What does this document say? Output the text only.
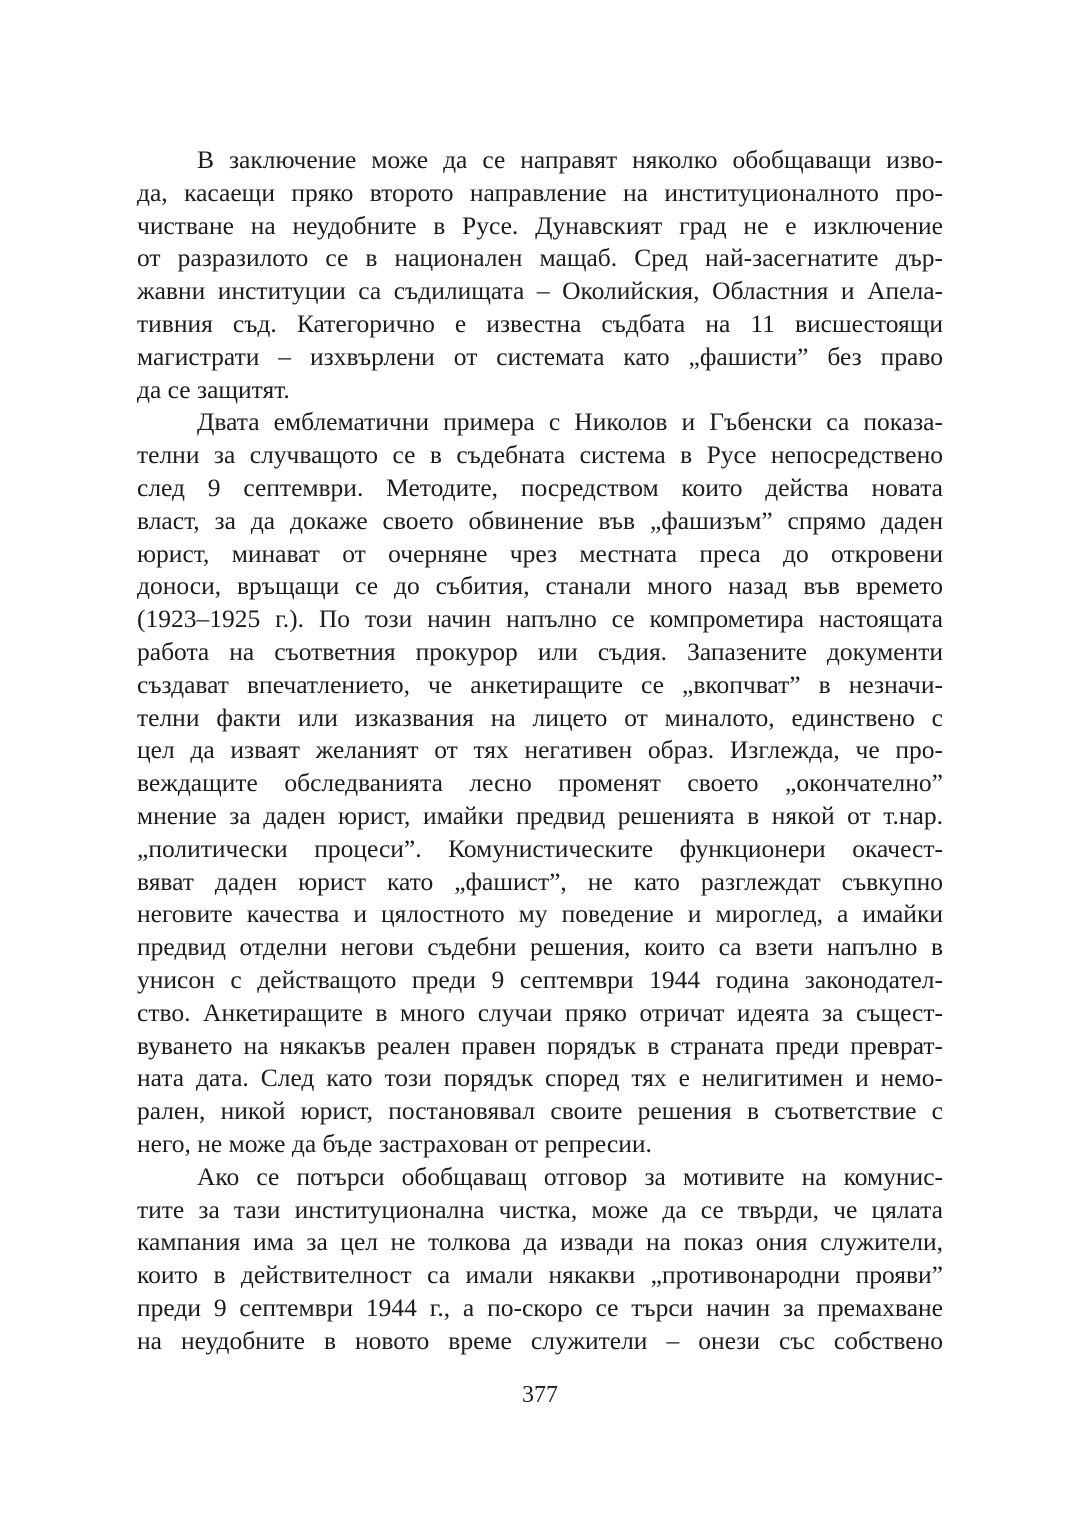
В заключение може да се направят няколко обобщаващи изво-
да, касаещи пряко второто направление на институционалното про-
чистване на неудобните в Русе. Дунавският град не е изключение
от разразилото се в национален мащаб. Сред най-засегнатите дър-
жавни институции са съдилищата – Околийския, Областния и Апела-
тивния съд. Категорично е известна съдбата на 11 висшестоящи
магистрати – изхвърлени от системата като „фашисти” без право
да се защитят.
Двата емблематични примера с Николов и Гъбенски са показа-
телни за случващото се в съдебната система в Русе непосредствено
след 9 септември. Методите, посредством които действа новата
власт, за да докаже своето обвинение във „фашизъм” спрямо даден
юрист, минават от очерняне чрез местната преса до откровени
доноси, връщащи се до събития, станали много назад във времето
(1923–1925 г.). По този начин напълно се компрометира настоящата
работа на съответния прокурор или съдия. Запазените документи
създават впечатлението, че анкетиращите се „вкопчват” в незначи-
телни факти или изказвания на лицето от миналото, единствено с
цел да изваят желаният от тях негативен образ. Изглежда, че про-
веждащите обследванията лесно променят своето „окончателно”
мнение за даден юрист, имайки предвид решенията в някой от т.нар.
„политически процеси”. Комунистическите функционери окачест-
вяват даден юрист като „фашист”, не като разглеждат съвкупно
неговите качества и цялостното му поведение и мироглед, а имайки
предвид отделни негови съдебни решения, които са взети напълно в
унисон с действащото преди 9 септември 1944 година законодател-
ство. Анкетиращите в много случаи пряко отричат идеята за същест-
вуването на някакъв реален правен порядък в страната преди преврат-
ната дата. След като този порядък според тях е нелигитимен и немо-
рален, никой юрист, постановявал своите решения в съответствие с
него, не може да бъде застрахован от репресии.
Ако се потърси обобщаващ отговор за мотивите на комунис-
тите за тази институционална чистка, може да се твърди, че цялата
кампания има за цел не толкова да извади на показ ония служители,
които в действителност са имали някакви „противонародни прояви”
преди 9 септември 1944 г., а по-скоро се търси начин за премахване
на неудобните в новото време служители – онези със собствено
377
